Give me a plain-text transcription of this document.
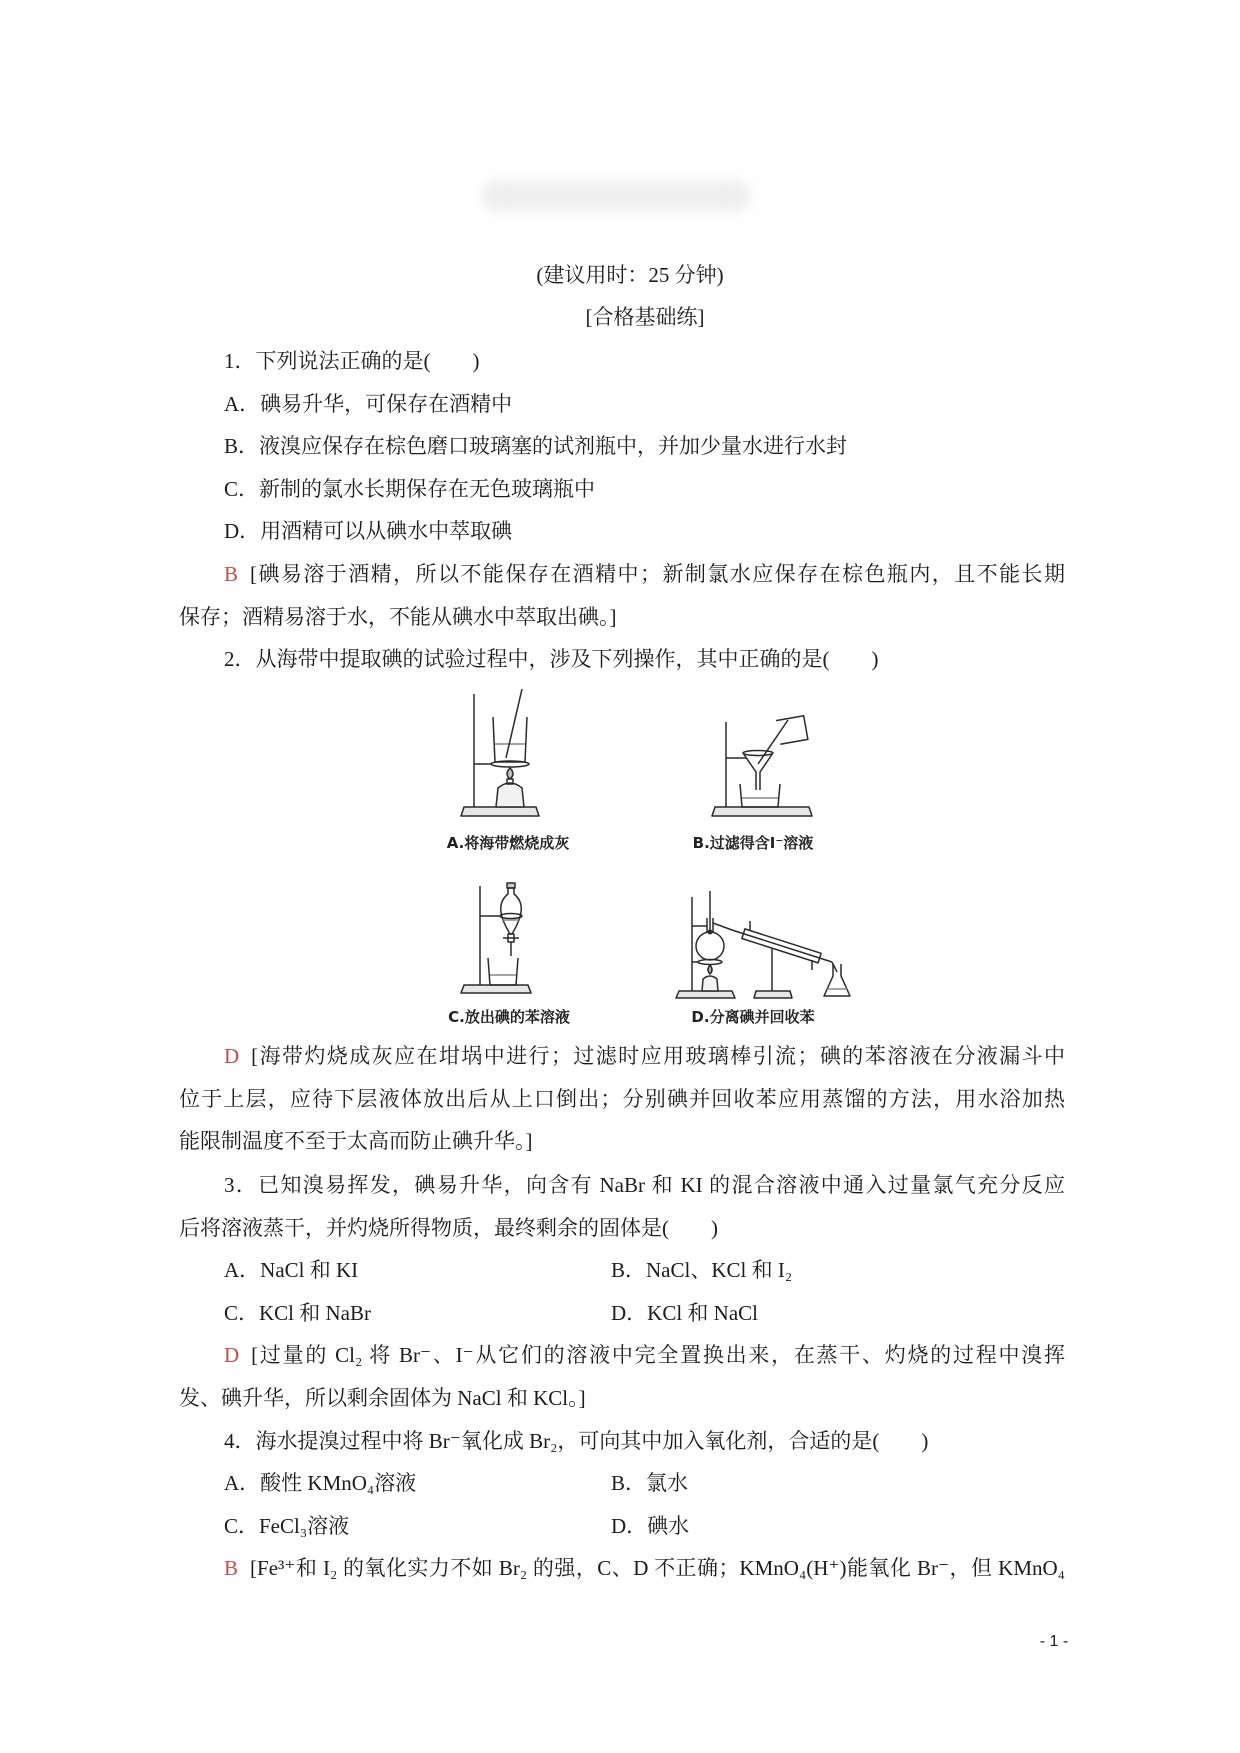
(建议用时：25 分钟)
[合格基础练]
1．下列说法正确的是(　　)
A．碘易升华，可保存在酒精中
B．液溴应保存在棕色磨口玻璃塞的试剂瓶中，并加少量水进行水封
C．新制的氯水长期保存在无色玻璃瓶中
D．用酒精可以从碘水中萃取碘
B [碘易溶于酒精，所以不能保存在酒精中；新制氯水应保存在棕色瓶内，且不能长期
保存；酒精易溶于水，不能从碘水中萃取出碘。]
2．从海带中提取碘的试验过程中，涉及下列操作，其中正确的是(　　)
A.将海带燃烧成灰	B.过滤得含I⁻溶液
C.放出碘的苯溶液	D.分离碘并回收苯
D [海带灼烧成灰应在坩埚中进行；过滤时应用玻璃棒引流；碘的苯溶液在分液漏斗中
位于上层，应待下层液体放出后从上口倒出；分别碘并回收苯应用蒸馏的方法，用水浴加热
能限制温度不至于太高而防止碘升华。]
3．已知溴易挥发，碘易升华，向含有 NaBr 和 KI 的混合溶液中通入过量氯气充分反应
后将溶液蒸干，并灼烧所得物质，最终剩余的固体是(　　)
A．NaCl 和 KI	B．NaCl、KCl 和 I₂
C．KCl 和 NaBr	D．KCl 和 NaCl
D [过量的 Cl₂ 将 Br⁻、I⁻从它们的溶液中完全置换出来，在蒸干、灼烧的过程中溴挥
发、碘升华，所以剩余固体为 NaCl 和 KCl。]
4．海水提溴过程中将 Br⁻氧化成 Br₂，可向其中加入氧化剂，合适的是(　　)
A．酸性 KMnO₄溶液	B．氯水
C．FeCl₃溶液	D．碘水
B [Fe³⁺和 I₂ 的氧化实力不如 Br₂ 的强，C、D 不正确；KMnO₄(H⁺)能氧化 Br⁻，但 KMnO₄
- 1 -
